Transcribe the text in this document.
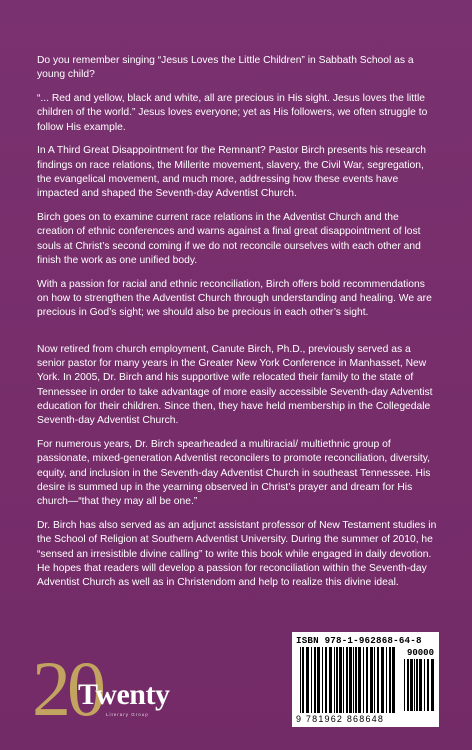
Do you remember singing “Jesus Loves the Little Children” in Sabbath School as a young child?

“... Red and yellow, black and white, all are precious in His sight. Jesus loves the little children of the world.” Jesus loves everyone; yet as His followers, we often struggle to follow His example.

In A Third Great Disappointment for the Remnant? Pastor Birch presents his research findings on race relations, the Millerite movement, slavery, the Civil War, segregation, the evangelical movement, and much more, addressing how these events have impacted and shaped the Seventh-day Adventist Church.

Birch goes on to examine current race relations in the Adventist Church and the creation of ethnic conferences and warns against a final great disappointment of lost souls at Christ’s second coming if we do not reconcile ourselves with each other and finish the work as one unified body.

With a passion for racial and ethnic reconciliation, Birch offers bold recommendations on how to strengthen the Adventist Church through understanding and healing. We are precious in God’s sight; we should also be precious in each other’s sight.

Now retired from church employment, Canute Birch, Ph.D., previously served as a senior pastor for many years in the Greater New York Conference in Manhasset, New York. In 2005, Dr. Birch and his supportive wife relocated their family to the state of Tennessee in order to take advantage of more easily accessible Seventh-day Adventist education for their children. Since then, they have held membership in the Collegedale Seventh-day Adventist Church.

For numerous years, Dr. Birch spearheaded a multiracial/ multiethnic group of passionate, mixed-generation Adventist reconcilers to promote reconciliation, diversity, equity, and inclusion in the Seventh-day Adventist Church in southeast Tennessee. His desire is summed up in the yearning observed in Christ’s prayer and dream for His church—“that they may all be one.”

Dr. Birch has also served as an adjunct assistant professor of New Testament studies in the School of Religion at Southern Adventist University. During the summer of 2010, he “sensed an irresistible divine calling” to write this book while engaged in daily devotion. He hopes that readers will develop a passion for reconciliation within the Seventh-day Adventist Church as well as in Christendom and help to realize this divine ideal.

20
Twenty
Literary Group
ISBN 978-1-962868-64-8
90000
9 781962 868648
